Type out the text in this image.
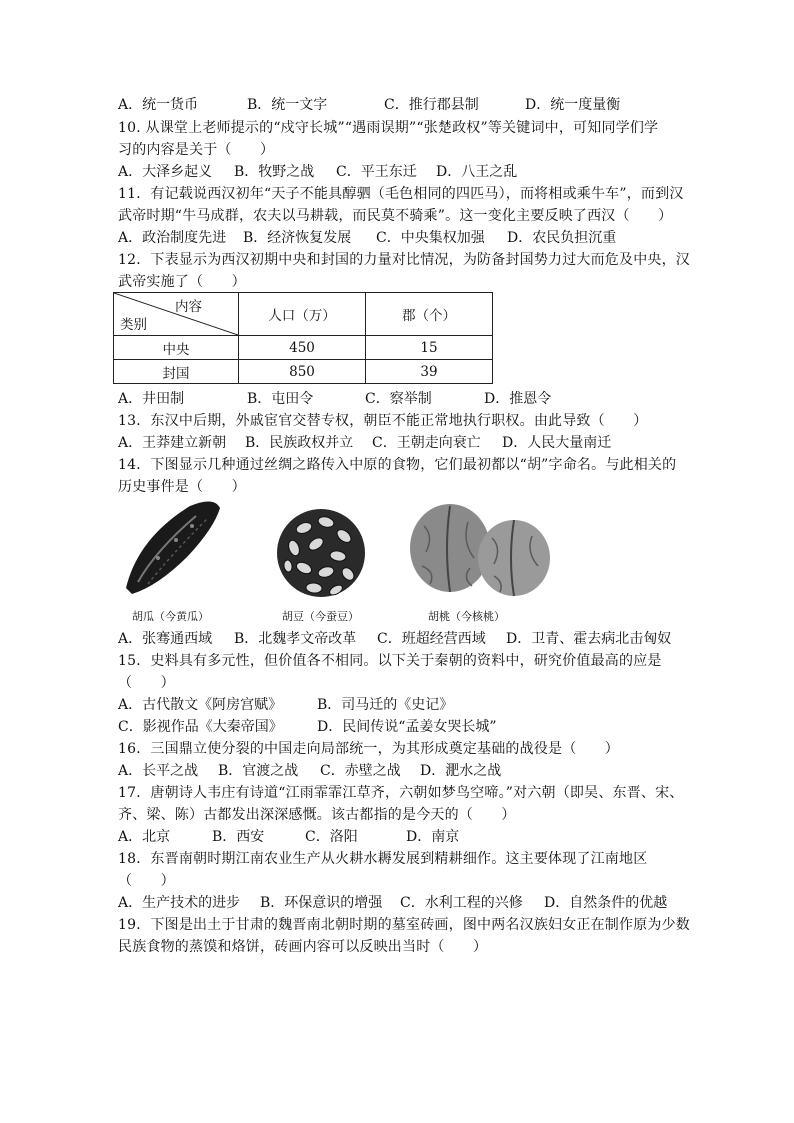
A．统一货币	B．统一文字	C．推行郡县制	D．统一度量衡
10. 从课堂上老师提示的“戍守长城”“遇雨误期”“张楚政权”等关键词中，可知同学们学
习的内容是关于（　　）
A．大泽乡起义 B．牧野之战 C．平王东迁 D．八王之乱
11．有记载说西汉初年“天子不能具醇驷（毛色相同的四匹马），而将相或乘牛车”，而到汉
武帝时期“牛马成群，农夫以马耕载，而民莫不骑乘”。这一变化主要反映了西汉（　　）
A．政治制度先进 B．经济恢复发展 C．中央集权加强 D．农民负担沉重
12．下表显示为西汉初期中央和封国的力量对比情况，为防备封国势力过大而危及中央，汉
武帝实施了（　　）
内容
类别	人口（万）	郡（个）
中央	450	15
封国	850	39
A．井田制	B．屯田令	C．察举制	D．推恩令
13．东汉中后期，外戚宦官交替专权，朝臣不能正常地执行职权。由此导致（　　）
A．王莽建立新朝 B．民族政权并立 C．王朝走向衰亡 D．人民大量南迁
14．下图显示几种通过丝绸之路传入中原的食物，它们最初都以“胡”字命名。与此相关的
历史事件是（　　）
胡瓜（今黄瓜）	胡豆（今蚕豆）	胡桃（今核桃）
A．张骞通西域 B．北魏孝文帝改革 C．班超经营西域 D．卫青、霍去病北击匈奴
15．史料具有多元性，但价值各不相同。以下关于秦朝的资料中，研究价值最高的应是
（　　）
A．古代散文《阿房宫赋》 B．司马迁的《史记》
C．影视作品《大秦帝国》 D．民间传说“孟姜女哭长城”
16．三国鼎立使分裂的中国走向局部统一，为其形成奠定基础的战役是（　　）
A．长平之战 B．官渡之战 C．赤壁之战 D．淝水之战
17．唐朝诗人韦庄有诗道“江雨霏霏江草齐，六朝如梦鸟空啼。”对六朝（即吴、东晋、宋、
齐、梁、陈）古都发出深深感慨。该古都指的是今天的（　　）
A．北京	B．西安	C．洛阳	D．南京
18．东晋南朝时期江南农业生产从火耕水耨发展到精耕细作。这主要体现了江南地区
（　　）
A．生产技术的进步 B．环保意识的增强 C．水利工程的兴修 D．自然条件的优越
19．下图是出土于甘肃的魏晋南北朝时期的墓室砖画，图中两名汉族妇女正在制作原为少数
民族食物的蒸馍和烙饼，砖画内容可以反映出当时（　　）
